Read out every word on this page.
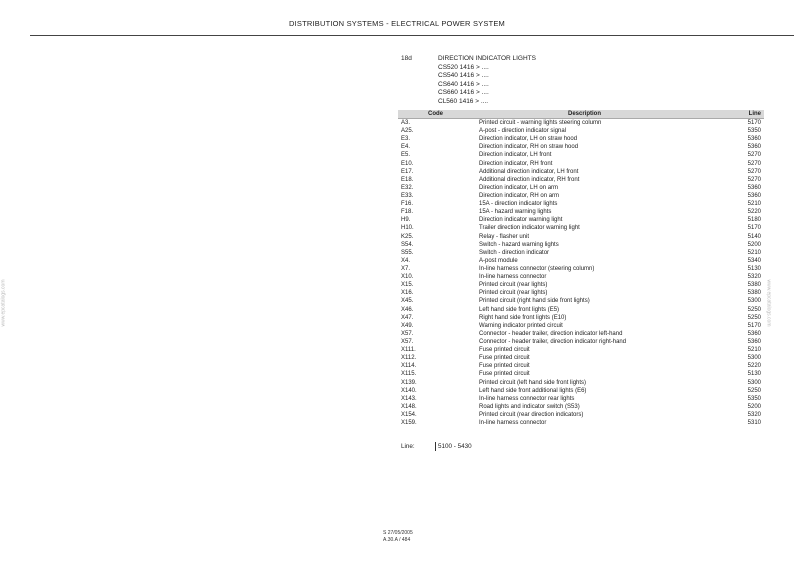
DISTRIBUTION SYSTEMS - ELECTRICAL POWER SYSTEM
www.epcatalogs.com	www.epcatalogs.com
18d	DIRECTION INDICATOR LIGHTS
CS520 1416 > ....
CS540 1416 > ....
CS640 1416 > ....
CS660 1416 > ....
CL560 1416 > ....
Code	Description	Line
A3.	Printed circuit - warning lights steering column	5170
A25.	A-post - direction indicator signal	5350
E3.	Direction indicator, LH on straw hood	5360
E4.	Direction indicator, RH on straw hood	5360
E5.	Direction indicator, LH front	5270
E10.	Direction indicator, RH front	5270
E17.	Additional direction indicator, LH front	5270
E18.	Additional direction indicator, RH front	5270
E32.	Direction indicator, LH on arm	5360
E33.	Direction indicator, RH on arm	5360
F16.	15A - direction indicator lights	5210
F18.	15A - hazard warning lights	5220
H9.	Direction indicator warning light	5180
H10.	Trailer direction indicator warning light	5170
K25.	Relay - flasher unit	5140
S54.	Switch - hazard warning lights	5200
S55.	Switch - direction indicator	5210
X4.	A-post module	5340
X7.	In-line harness connector (steering column)	5130
X10.	In-line harness connector	5320
X15.	Printed circuit (rear lights)	5380
X16.	Printed circuit (rear lights)	5380
X45.	Printed circuit (right hand side front lights)	5300
X46.	Left hand side front lights (E5)	5250
X47.	Right hand side front lights (E10)	5250
X49.	Warning indicator printed circuit	5170
X57.	Connector - header trailer, direction indicator left-hand	5360
X57.	Connector - header trailer, direction indicator right-hand	5360
X111.	Fuse printed circuit	5210
X112.	Fuse printed circuit	5300
X114.	Fuse printed circuit	5220
X115.	Fuse printed circuit	5130
X139.	Printed circuit (left hand side front lights)	5300
X140.	Left hand side front additional lights (E6)	5250
X143.	In-line harness connector rear lights	5350
X148.	Road lights and indicator switch (S53)	5200
X154.	Printed circuit (rear direction indicators)	5320
X159.	In-line harness connector	5310
Line:	5100 - 5430
S 27/05/2005
A.30.A / 484
